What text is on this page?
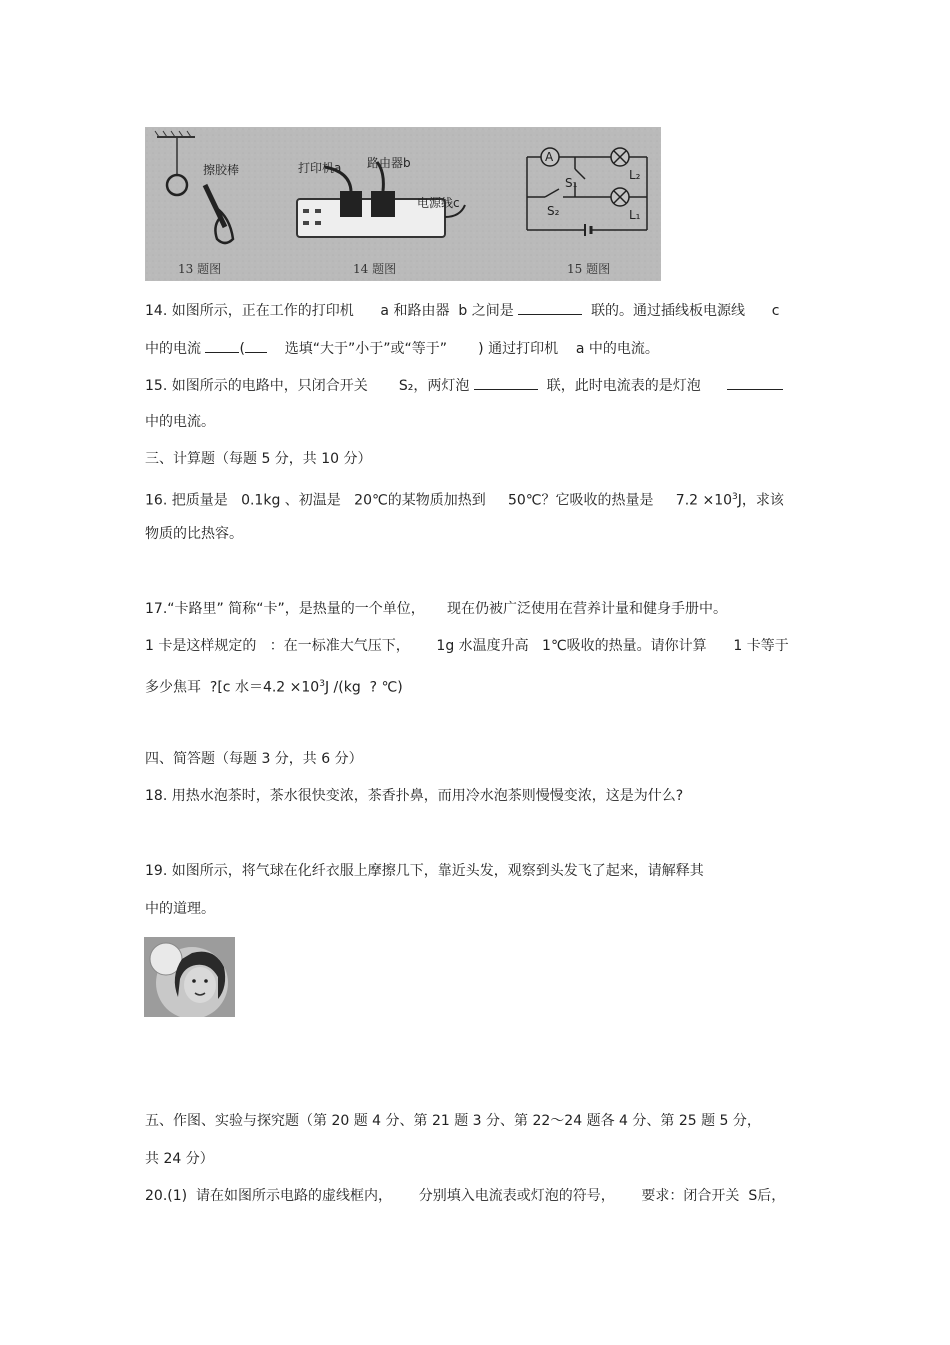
擦胶棒
13 题图
打印机a 路由器b
电源线c
14 题图
A
S₁
S₂
L₂
L₁
15 题图
14. 如图所示，正在工作的打印机 a 和路由器 b 之间是	联的。通过插线板电源线 c
中的电流	(	选填“大于”小于”或“等于” ) 通过打印机 a 中的电流。
15. 如图所示的电路中，只闭合开关 S₂，两灯泡	联，此时电流表的是灯泡
中的电流。
三、计算题（每题 5 分，共 10 分）
16. 把质量是 0.1kg 、初温是 20℃的某物质加热到 50℃？它吸收的热量是 $7.2 \times 10^3J$，求该
物质的比热容。
17.“卡路里” 简称“卡”，是热量的一个单位， 现在仍被广泛使用在营养计量和健身手册中。
1 卡是这样规定的 ：在一标准大气压下， 1g 水温度升高 1℃吸收的热量。请你计算 1 卡等于
多少焦耳 ?[c 水$=4.2 \times 10^3J$ /(kg ? ℃)
四、简答题（每题 3 分，共 6 分）
18. 用热水泡茶时，茶水很快变浓，茶香扑鼻，而用冷水泡茶则慢慢变浓，这是为什么?
19. 如图所示，将气球在化纤衣服上摩擦几下，靠近头发，观察到头发飞了起来，请解释其
中的道理。
五、作图、实验与探究题（第 20 题 4 分、第 21 题 3 分、第 22～24 题各 4 分、第 25 题 5 分，
共 24 分）
20.(1) 请在如图所示电路的虚线框内， 分别填入电流表或灯泡的符号， 要求：闭合开关 S后，
